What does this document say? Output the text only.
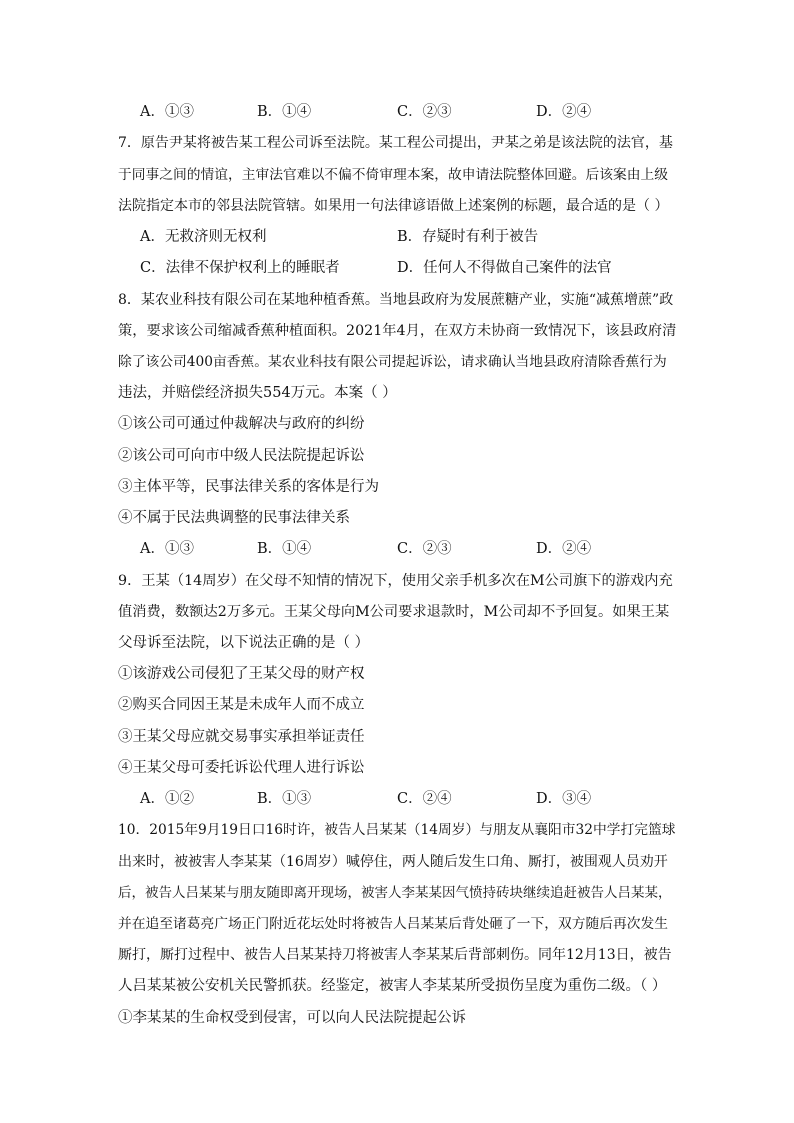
A．①③	B．①④	C．②③	D．②④
7．原告尹某将被告某工程公司诉至法院。某工程公司提出，尹某之弟是该法院的法官，基
于同事之间的情谊，主审法官难以不偏不倚审理本案，故申请法院整体回避。后该案由上级
法院指定本市的邻县法院管辖。如果用一句法律谚语做上述案例的标题，最合适的是（ ）
A．无救济则无权利	B．存疑时有利于被告
C．法律不保护权利上的睡眠者	D．任何人不得做自己案件的法官
8．某农业科技有限公司在某地种植香蕉。当地县政府为发展蔗糖产业，实施“减蕉增蔗”政
策，要求该公司缩减香蕉种植面积。2021年4月，在双方未协商一致情况下，该县政府清
除了该公司400亩香蕉。某农业科技有限公司提起诉讼，请求确认当地县政府清除香蕉行为
违法，并赔偿经济损失554万元。本案（ ）
①该公司可通过仲裁解决与政府的纠纷
②该公司可向市中级人民法院提起诉讼
③主体平等，民事法律关系的客体是行为
④不属于民法典调整的民事法律关系
A．①③	B．①④	C．②③	D．②④
9．王某（14周岁）在父母不知情的情况下，使用父亲手机多次在M公司旗下的游戏内充
值消费，数额达2万多元。王某父母向M公司要求退款时，M公司却不予回复。如果王某
父母诉至法院，以下说法正确的是（ ）
①该游戏公司侵犯了王某父母的财产权
②购买合同因王某是未成年人而不成立
③王某父母应就交易事实承担举证责任
④王某父母可委托诉讼代理人进行诉讼
A．①②	B．①③	C．②④	D．③④
10．2015年9月19日口16时许，被告人吕某某（14周岁）与朋友从襄阳市32中学打完篮球
出来时，被被害人李某某（16周岁）喊停住，两人随后发生口角、厮打，被围观人员劝开
后，被告人吕某某与朋友随即离开现场，被害人李某某因气愤持砖块继续追赶被告人吕某某，
并在追至诸葛亮广场正门附近花坛处时将被告人吕某某后背处砸了一下，双方随后再次发生
厮打，厮打过程中、被告人吕某某持刀将被害人李某某后背部刺伤。同年12月13日，被告
人吕某某被公安机关民警抓获。经鉴定，被害人李某某所受损伤呈度为重伤二级。（ ）
①李某某的生命权受到侵害，可以向人民法院提起公诉
